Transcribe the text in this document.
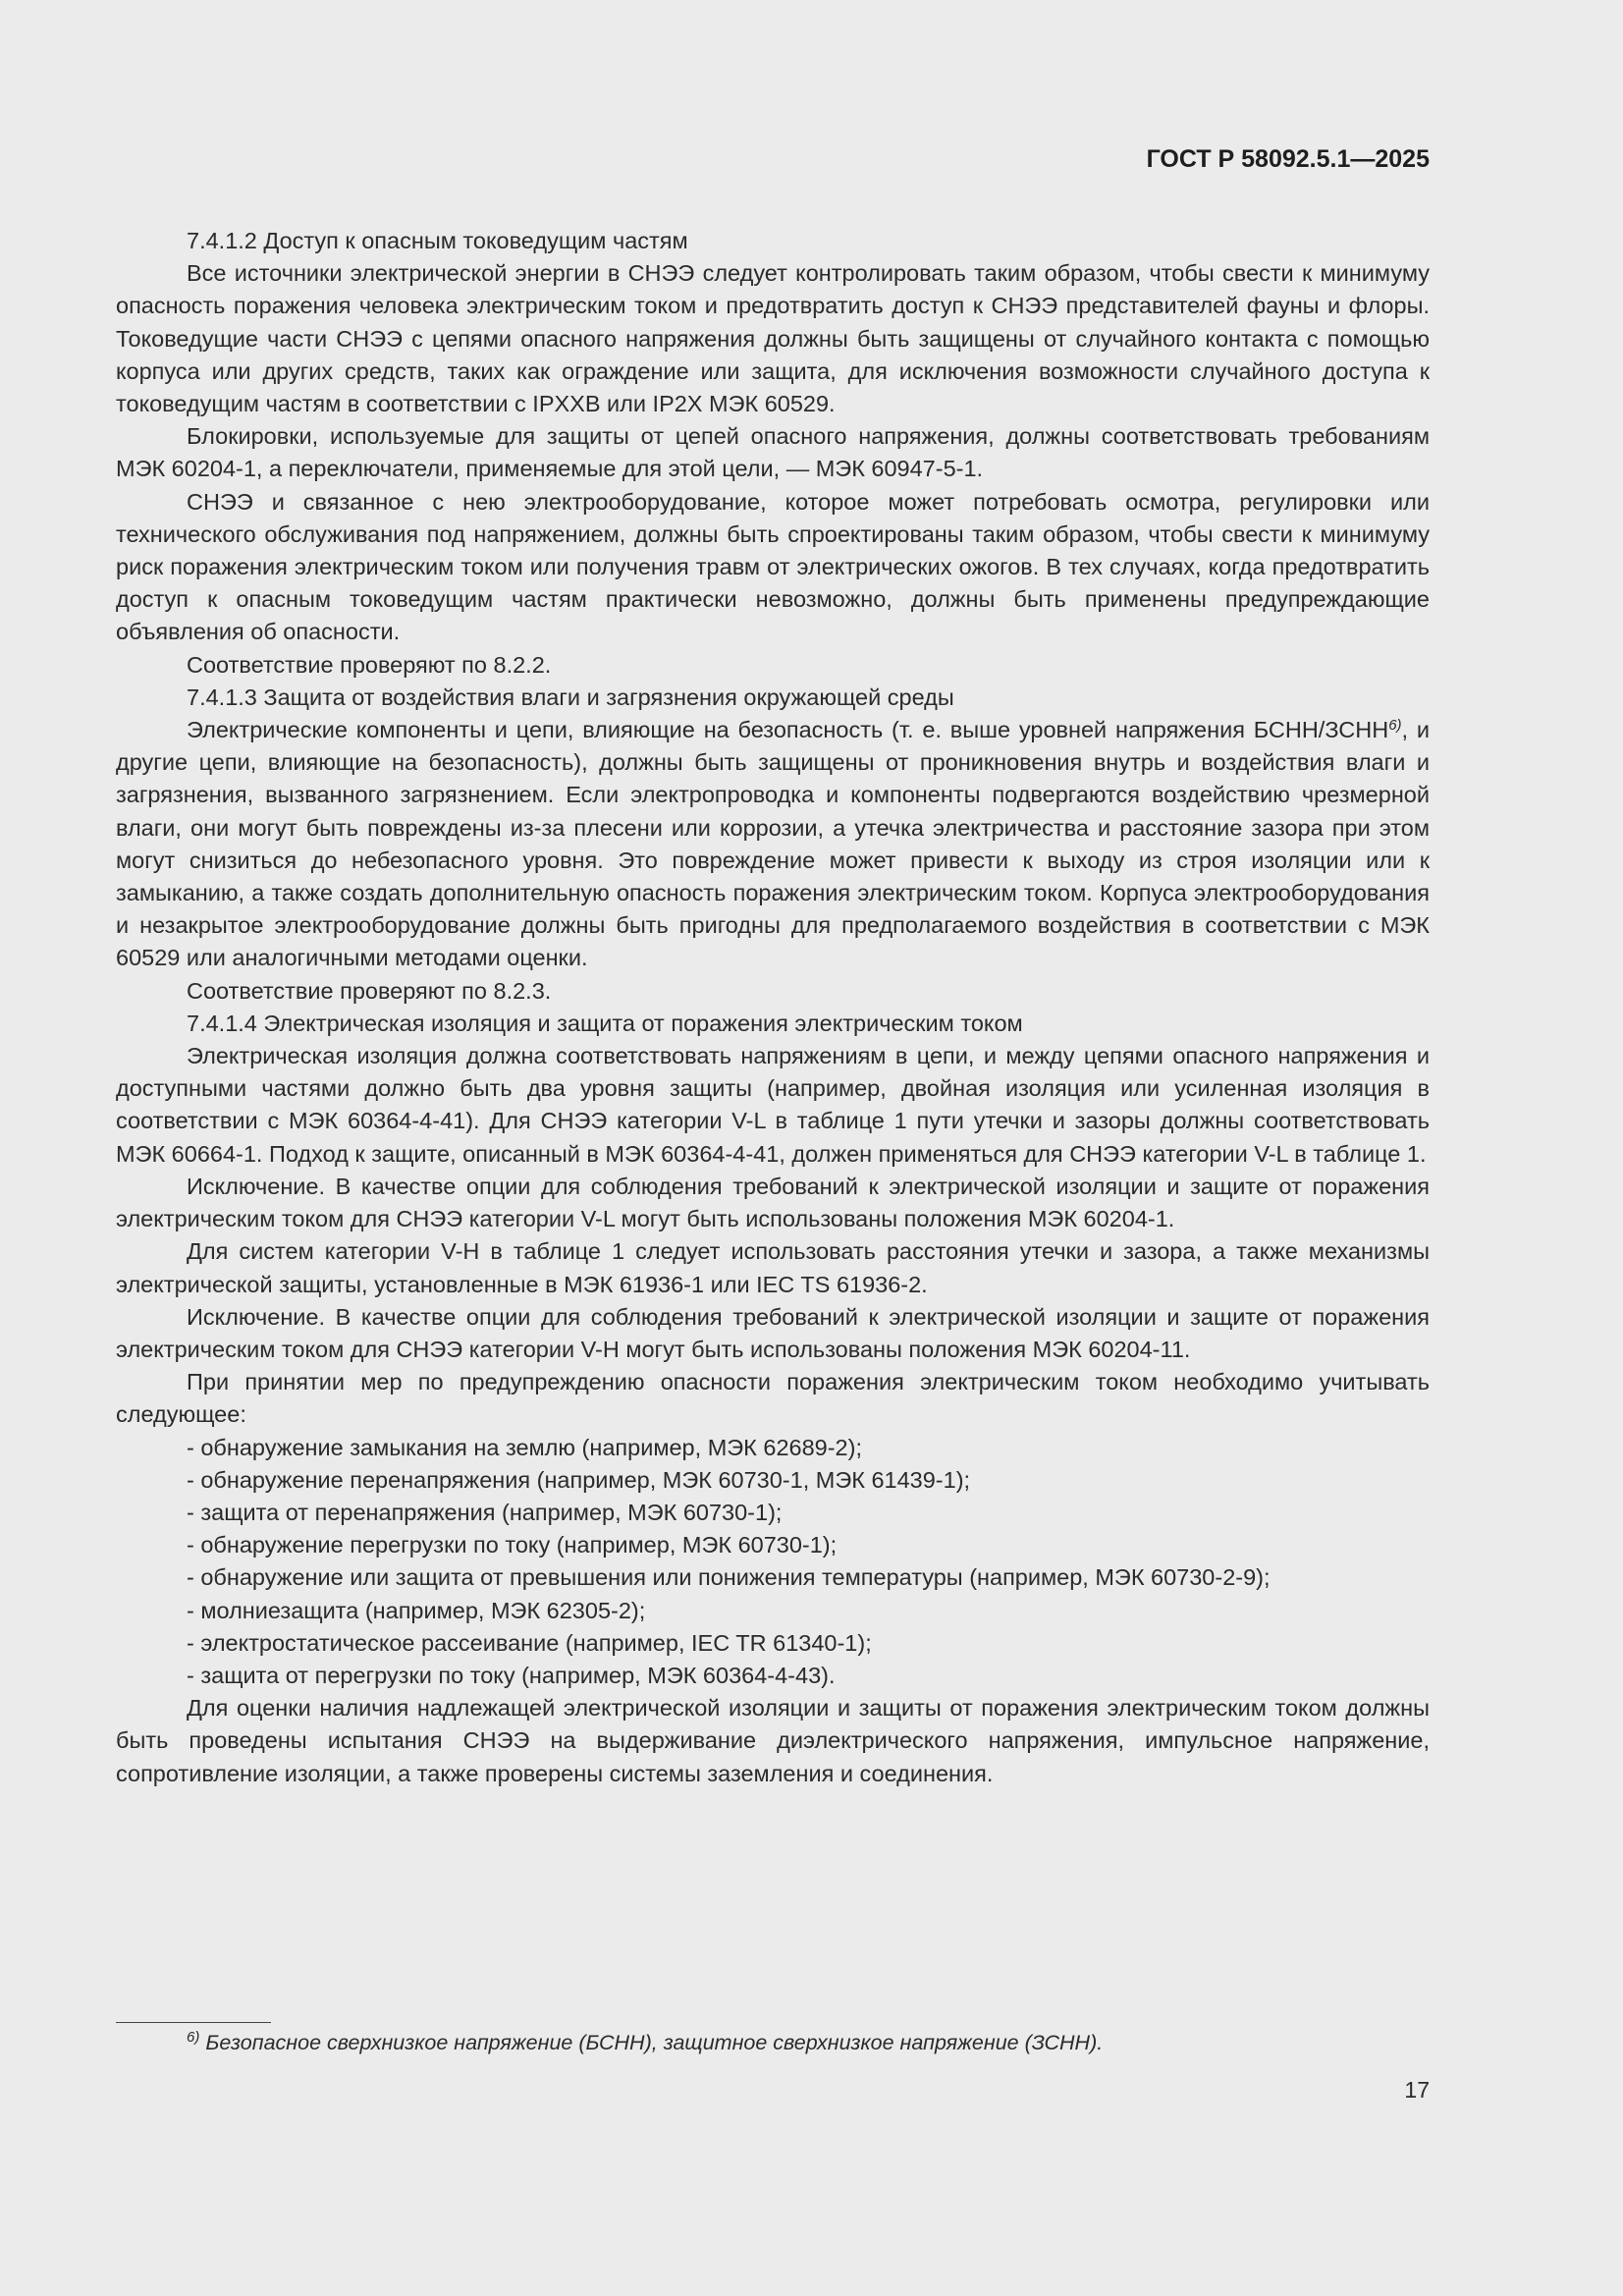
ГОСТ Р 58092.5.1—2025

7.4.1.2 Доступ к опасным токоведущим частям

Все источники электрической энергии в СНЭЭ следует контролировать таким образом, чтобы свести к минимуму опасность поражения человека электрическим током и предотвратить доступ к СНЭЭ представителей фауны и флоры. Токоведущие части СНЭЭ с цепями опасного напряжения должны быть защищены от случайного контакта с помощью корпуса или других средств, таких как ограждение или защита, для исключения возможности случайного доступа к токоведущим частям в соответствии с IPXXB или IP2X МЭК 60529.

Блокировки, используемые для защиты от цепей опасного напряжения, должны соответствовать требованиям МЭК 60204-1, а переключатели, применяемые для этой цели, — МЭК 60947-5-1.

СНЭЭ и связанное с нею электрооборудование, которое может потребовать осмотра, регулировки или технического обслуживания под напряжением, должны быть спроектированы таким образом, чтобы свести к минимуму риск поражения электрическим током или получения травм от электрических ожогов. В тех случаях, когда предотвратить доступ к опасным токоведущим частям практически невозможно, должны быть применены предупреждающие объявления об опасности.

Соответствие проверяют по 8.2.2.

7.4.1.3 Защита от воздействия влаги и загрязнения окружающей среды

Электрические компоненты и цепи, влияющие на безопасность (т. е. выше уровней напряжения БСНН/ЗСНН$^{6)}$, и другие цепи, влияющие на безопасность), должны быть защищены от проникновения внутрь и воздействия влаги и загрязнения, вызванного загрязнением. Если электропроводка и компоненты подвергаются воздействию чрезмерной влаги, они могут быть повреждены из-за плесени или коррозии, а утечка электричества и расстояние зазора при этом могут снизиться до небезопасного уровня. Это повреждение может привести к выходу из строя изоляции или к замыканию, а также создать дополнительную опасность поражения электрическим током. Корпуса электрооборудования и незакрытое электрооборудование должны быть пригодны для предполагаемого воздействия в соответствии с МЭК 60529 или аналогичными методами оценки.

Соответствие проверяют по 8.2.3.

7.4.1.4 Электрическая изоляция и защита от поражения электрическим током

Электрическая изоляция должна соответствовать напряжениям в цепи, и между цепями опасного напряжения и доступными частями должно быть два уровня защиты (например, двойная изоляция или усиленная изоляция в соответствии с МЭК 60364-4-41). Для СНЭЭ категории V-L в таблице 1 пути утечки и зазоры должны соответствовать МЭК 60664-1. Подход к защите, описанный в МЭК 60364-4-41, должен применяться для СНЭЭ категории V-L в таблице 1.

Исключение. В качестве опции для соблюдения требований к электрической изоляции и защите от поражения электрическим током для СНЭЭ категории V-L могут быть использованы положения МЭК 60204-1.

Для систем категории V-H в таблице 1 следует использовать расстояния утечки и зазора, а также механизмы электрической защиты, установленные в МЭК 61936-1 или IEC TS 61936-2.

Исключение. В качестве опции для соблюдения требований к электрической изоляции и защите от поражения электрическим током для СНЭЭ категории V-H могут быть использованы положения МЭК 60204-11.

При принятии мер по предупреждению опасности поражения электрическим током необходимо учитывать следующее:

- обнаружение замыкания на землю (например, МЭК 62689-2);

- обнаружение перенапряжения (например, МЭК 60730-1, МЭК 61439-1);

- защита от перенапряжения (например, МЭК 60730-1);

- обнаружение перегрузки по току (например, МЭК 60730-1);

- обнаружение или защита от превышения или понижения температуры (например, МЭК 60730-2-9);

- молниезащита (например, МЭК 62305-2);

- электростатическое рассеивание (например, IEC TR 61340-1);

- защита от перегрузки по току (например, МЭК 60364-4-43).

Для оценки наличия надлежащей электрической изоляции и защиты от поражения электрическим током должны быть проведены испытания СНЭЭ на выдерживание диэлектрического напряжения, импульсное напряжение, сопротивление изоляции, а также проверены системы заземления и соединения.

$^{6)}$ Безопасное сверхнизкое напряжение (БСНН), защитное сверхнизкое напряжение (ЗСНН).
17
